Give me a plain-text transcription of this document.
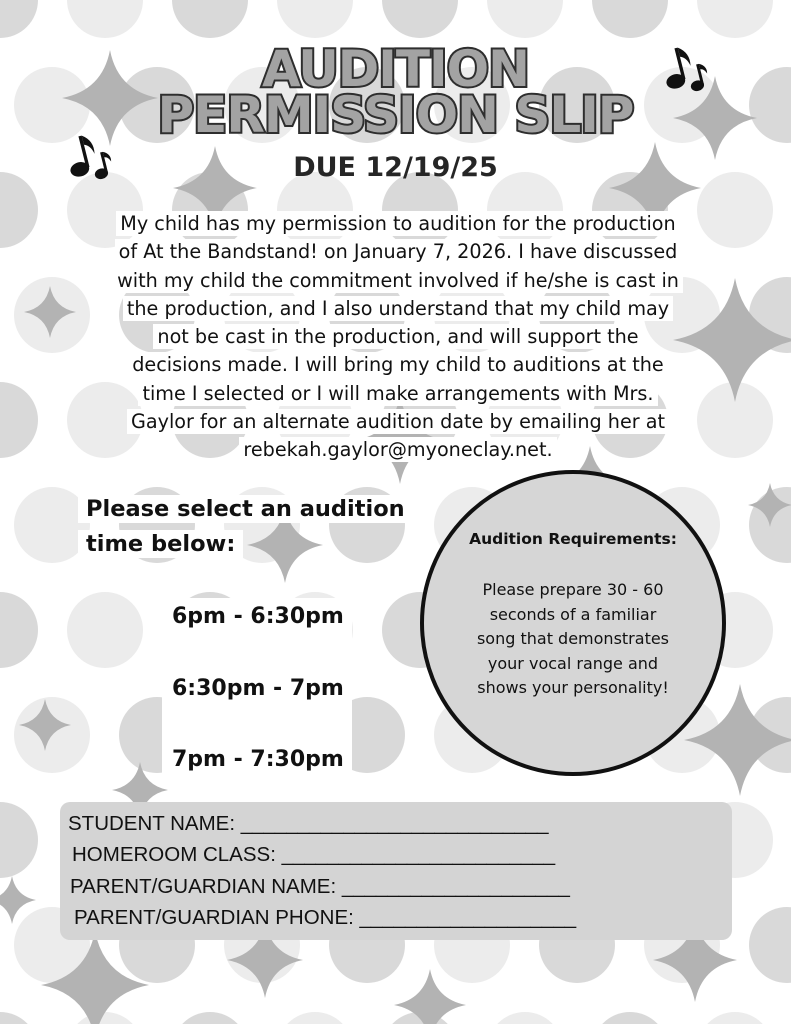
AUDITION
PERMISSION SLIP
DUE 12/19/25
My child has my permission to audition for the production
of At the Bandstand! on January 7, 2026. I have discussed
with my child the commitment involved if he/she is cast in
the production, and I also understand that my child may
not be cast in the production, and will support the
decisions made. I will bring my child to auditions at the
time I selected or I will make arrangements with Mrs.
Gaylor for an alternate audition date by emailing her at
rebekah.gaylor@myoneclay.net.
Please select an audition
time below:
6pm - 6:30pm
6:30pm - 7pm
7pm - 7:30pm
Audition Requirements:
Please prepare 30 - 60
seconds of a familiar
song that demonstrates
your vocal range and
shows your personality!
STUDENT NAME: ___________________________
HOMEROOM CLASS: ________________________
PARENT/GUARDIAN NAME: ____________________
PARENT/GUARDIAN PHONE: ___________________
